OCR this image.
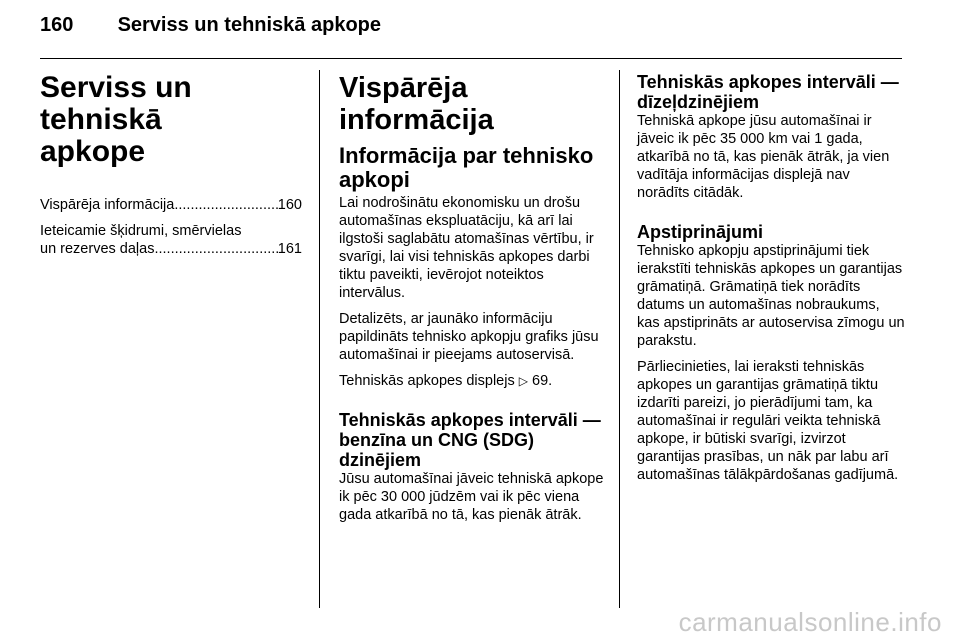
160 Serviss un tehniskā apkope
Serviss un tehniskā
apkope
Vispārēja informācija .....	160
Ieteicamie šķidrumi, smērvielas
un rezerves daļas .....	161
Vispārēja informācija
Informācija par tehnisko
apkopi

Lai nodrošinātu ekonomisku un drošu automašīnas ekspluatāciju, kā arī lai ilgstoši saglabātu atomašīnas vērtību, ir svarīgi, lai visi tehniskās apkopes darbi tiktu paveikti, ievērojot noteiktos intervālus.

Detalizēts, ar jaunāko informāciju papildināts tehnisko apkopju grafiks jūsu automašīnai ir pieejams autoservisā.

Tehniskās apkopes displejs ▷ 69.

Tehniskās apkopes intervāli —
benzīna un CNG (SDG)
dzinējiem

Jūsu automašīnai jāveic tehniskā apkope ik pēc 30 000 jūdzēm vai ik pēc viena gada atkarībā no tā, kas pienāk ātrāk.

Tehniskās apkopes intervāli —
dīzeļdzinējiem

Tehniskā apkope jūsu automašīnai ir jāveic ik pēc 35 000 km vai 1 gada, atkarībā no tā, kas pienāk ātrāk, ja vien vadītāja informācijas displejā nav norādīts citādāk.

Apstiprinājumi

Tehnisko apkopju apstiprinājumi tiek ierakstīti tehniskās apkopes un garantijas grāmatiņā. Grāmatiņā tiek norādīts datums un automašīnas nobraukums, kas apstiprināts ar autoservisa zīmogu un parakstu.

Pārliecinieties, lai ieraksti tehniskās apkopes un garantijas grāmatiņā tiktu izdarīti pareizi, jo pierādījumi tam, ka automašīnai ir regulāri veikta tehniskā apkope, ir būtiski svarīgi, izvirzot garantijas prasības, un nāk par labu arī automašīnas tālākpārdošanas gadījumā.

carmanualsonline.info
